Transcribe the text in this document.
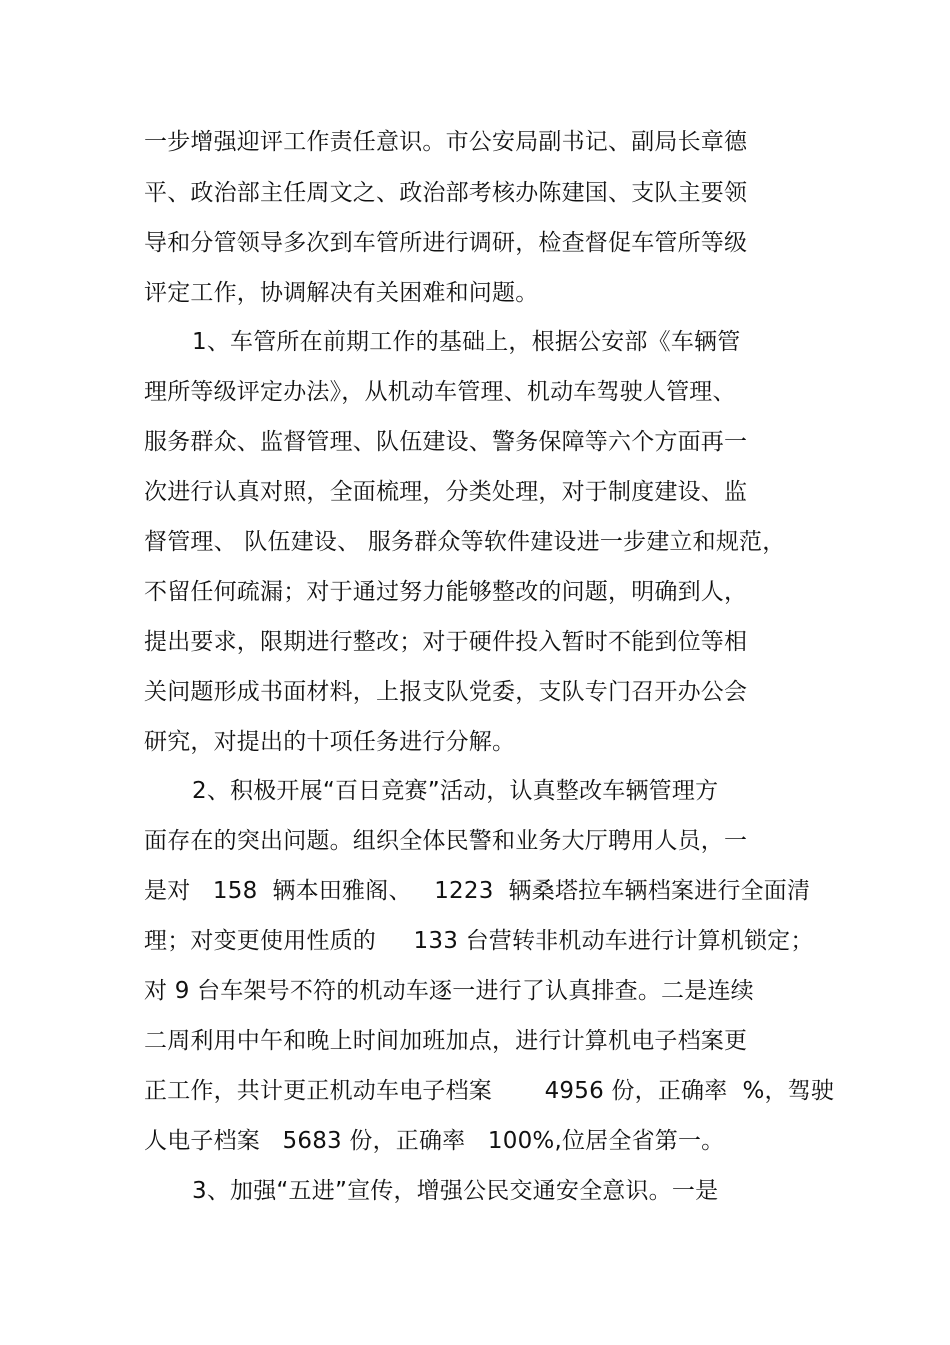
一步增强迎评工作责任意识。市公安局副书记、副局长章德
平、政治部主任周文之、政治部考核办陈建国、支队主要领
导和分管领导多次到车管所进行调研，检查督促车管所等级
评定工作，协调解决有关困难和问题。
1、车管所在前期工作的基础上，根据公安部《车辆管
理所等级评定办法》，从机动车管理、机动车驾驶人管理、
服务群众、监督管理、队伍建设、警务保障等六个方面再一
次进行认真对照，全面梳理，分类处理，对于制度建设、监
督管理、 队伍建设、 服务群众等软件建设进一步建立和规范，
不留任何疏漏；对于通过努力能够整改的问题，明确到人，
提出要求，限期进行整改；对于硬件投入暂时不能到位等相
关问题形成书面材料，上报支队党委，支队专门召开办公会
研究，对提出的十项任务进行分解。
2、积极开展“百日竞赛”活动，认真整改车辆管理方
面存在的突出问题。组织全体民警和业务大厅聘用人员，一
是对   158  辆本田雅阁、   1223  辆桑塔拉车辆档案进行全面清
理；对变更使用性质的     133 台营转非机动车进行计算机锁定；
对 9 台车架号不符的机动车逐一进行了认真排查。二是连续
二周利用中午和晚上时间加班加点，进行计算机电子档案更
正工作，共计更正机动车电子档案       4956 份，正确率  %，驾驶
人电子档案   5683 份，正确率   100%,位居全省第一。
3、加强“五进”宣传，增强公民交通安全意识。一是
